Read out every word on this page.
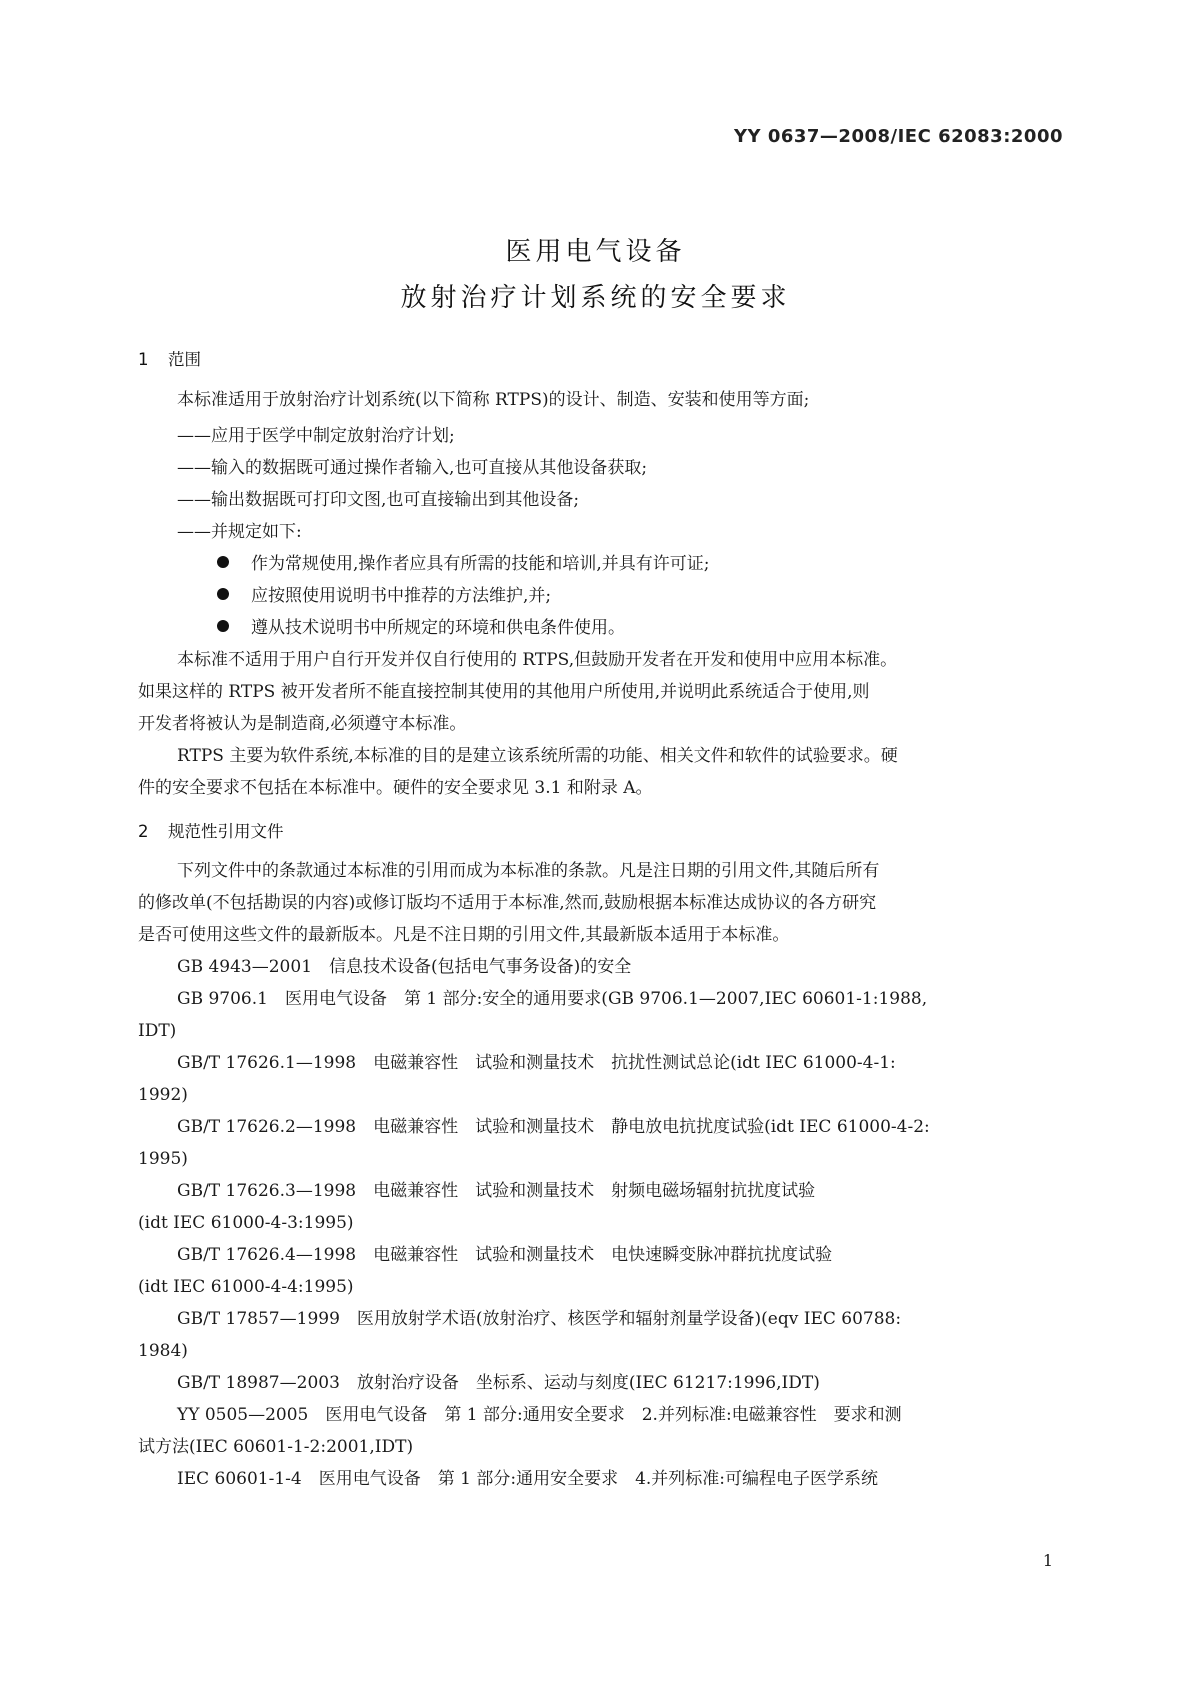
YY 0637—2008/IEC 62083:2000
医用电气设备
放射治疗计划系统的安全要求
1 范围
本标准适用于放射治疗计划系统(以下简称 RTPS)的设计、制造、安装和使用等方面;
——应用于医学中制定放射治疗计划;
——输入的数据既可通过操作者输入,也可直接从其他设备获取;
——输出数据既可打印文图,也可直接输出到其他设备;
——并规定如下:
作为常规使用,操作者应具有所需的技能和培训,并具有许可证;
应按照使用说明书中推荐的方法维护,并;
遵从技术说明书中所规定的环境和供电条件使用。
本标准不适用于用户自行开发并仅自行使用的 RTPS,但鼓励开发者在开发和使用中应用本标准。
如果这样的 RTPS 被开发者所不能直接控制其使用的其他用户所使用,并说明此系统适合于使用,则
开发者将被认为是制造商,必须遵守本标准。
RTPS 主要为软件系统,本标准的目的是建立该系统所需的功能、相关文件和软件的试验要求。硬
件的安全要求不包括在本标准中。硬件的安全要求见 3.1 和附录 A。
2 规范性引用文件
下列文件中的条款通过本标准的引用而成为本标准的条款。凡是注日期的引用文件,其随后所有
的修改单(不包括勘误的内容)或修订版均不适用于本标准,然而,鼓励根据本标准达成协议的各方研究
是否可使用这些文件的最新版本。凡是不注日期的引用文件,其最新版本适用于本标准。
GB 4943—2001　信息技术设备(包括电气事务设备)的安全
GB 9706.1　医用电气设备　第 1 部分:安全的通用要求(GB 9706.1—2007,IEC 60601-1:1988,
IDT)
GB/T 17626.1—1998　电磁兼容性　试验和测量技术　抗扰性测试总论(idt IEC 61000-4-1:
1992)
GB/T 17626.2—1998　电磁兼容性　试验和测量技术　静电放电抗扰度试验(idt IEC 61000-4-2:
1995)
GB/T 17626.3—1998　电磁兼容性　试验和测量技术　射频电磁场辐射抗扰度试验
(idt IEC 61000-4-3:1995)
GB/T 17626.4—1998　电磁兼容性　试验和测量技术　电快速瞬变脉冲群抗扰度试验
(idt IEC 61000-4-4:1995)
GB/T 17857—1999　医用放射学术语(放射治疗、核医学和辐射剂量学设备)(eqv IEC 60788:
1984)
GB/T 18987—2003　放射治疗设备　坐标系、运动与刻度(IEC 61217:1996,IDT)
YY 0505—2005　医用电气设备　第 1 部分:通用安全要求　2.并列标准:电磁兼容性　要求和测
试方法(IEC 60601-1-2:2001,IDT)
IEC 60601-1-4　医用电气设备　第 1 部分:通用安全要求　4.并列标准:可编程电子医学系统
1
